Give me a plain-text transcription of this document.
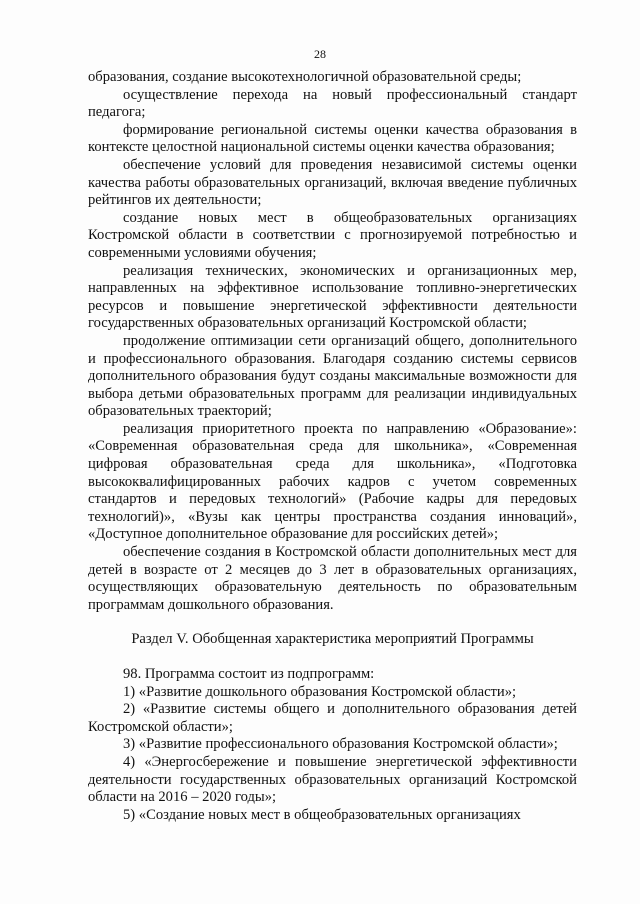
28

образования, создание высокотехнологичной образовательной среды;

осуществление перехода на новый профессиональный стандарт педагога;

формирование региональной системы оценки качества образования в контексте целостной национальной системы оценки качества образования;

обеспечение условий для проведения независимой системы оценки качества работы образовательных организаций, включая введение публичных рейтингов их деятельности;

создание новых мест в общеобразовательных организациях Костромской области в соответствии с прогнозируемой потребностью и современными условиями обучения;

реализация технических, экономических и организационных мер, направленных на эффективное использование топливно-энергетических ресурсов и повышение энергетической эффективности деятельности государственных образовательных организаций Костромской области;

продолжение оптимизации сети организаций общего, дополнительного и профессионального образования. Благодаря созданию системы сервисов дополнительного образования будут созданы максимальные возможности для выбора детьми образовательных программ для реализации индивидуальных образовательных траекторий;

реализация приоритетного проекта по направлению «Образование»: «Современная образовательная среда для школьника», «Современная цифровая образовательная среда для школьника», «Подготовка высококвалифицированных рабочих кадров с учетом современных стандартов и передовых технологий» (Рабочие кадры для передовых технологий)», «Вузы как центры пространства создания инноваций», «Доступное дополнительное образование для российских детей»;

обеспечение создания в Костромской области дополнительных мест для детей в возрасте от 2 месяцев до 3 лет в образовательных организациях, осуществляющих образовательную деятельность по образовательным программам дошкольного образования.

Раздел V. Обобщенная характеристика мероприятий Программы

98. Программа состоит из подпрограмм:

1) «Развитие дошкольного образования Костромской области»;

2) «Развитие системы общего и дополнительного образования детей Костромской области»;

3) «Развитие профессионального образования Костромской области»;

4) «Энергосбережение и повышение энергетической эффективности деятельности государственных образовательных организаций Костромской области на 2016 – 2020 годы»;

5) «Создание новых мест в общеобразовательных организациях
